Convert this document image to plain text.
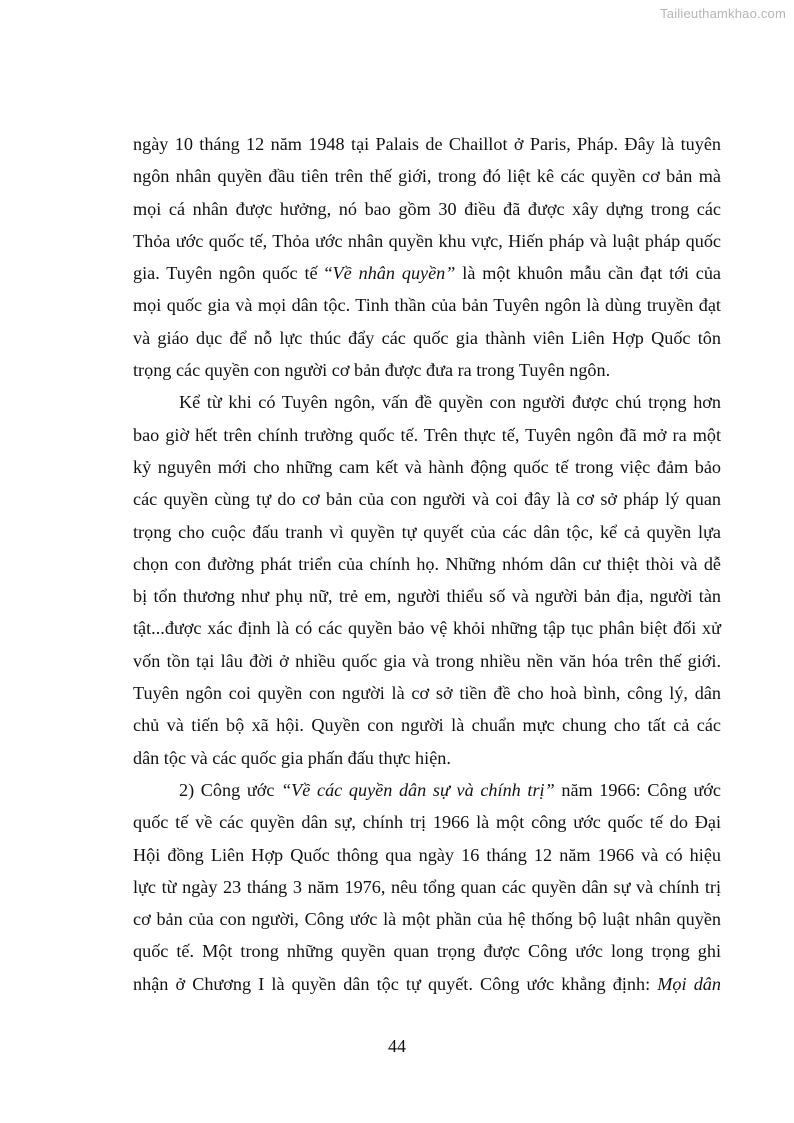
Tailieuthamkhao.com
ngày 10 tháng 12 năm 1948 tại Palais de Chaillot ở Paris, Pháp. Đây là tuyên
ngôn nhân quyền đầu tiên trên thế giới, trong đó liệt kê các quyền cơ bản mà
mọi cá nhân được hưởng, nó bao gồm 30 điều đã được xây dựng trong các
Thỏa ước quốc tế, Thỏa ước nhân quyền khu vực, Hiến pháp và luật pháp quốc
gia. Tuyên ngôn quốc tế “Về nhân quyền” là một khuôn mẫu cần đạt tới của
mọi quốc gia và mọi dân tộc. Tinh thần của bản Tuyên ngôn là dùng truyền đạt
và giáo dục để nỗ lực thúc đẩy các quốc gia thành viên Liên Hợp Quốc tôn
trọng các quyền con người cơ bản được đưa ra trong Tuyên ngôn.
Kể từ khi có Tuyên ngôn, vấn đề quyền con người được chú trọng hơn
bao giờ hết trên chính trường quốc tế. Trên thực tế, Tuyên ngôn đã mở ra một
kỷ nguyên mới cho những cam kết và hành động quốc tế trong việc đảm bảo
các quyền cùng tự do cơ bản của con người và coi đây là cơ sở pháp lý quan
trọng cho cuộc đấu tranh vì quyền tự quyết của các dân tộc, kể cả quyền lựa
chọn con đường phát triển của chính họ. Những nhóm dân cư thiệt thòi và dễ
bị tổn thương như phụ nữ, trẻ em, người thiểu số và người bản địa, người tàn
tật...được xác định là có các quyền bảo vệ khỏi những tập tục phân biệt đối xử
vốn tồn tại lâu đời ở nhiều quốc gia và trong nhiều nền văn hóa trên thế giới.
Tuyên ngôn coi quyền con người là cơ sở tiền đề cho hoà bình, công lý, dân
chủ và tiến bộ xã hội. Quyền con người là chuẩn mực chung cho tất cả các
dân tộc và các quốc gia phấn đấu thực hiện.
2) Công ước “Về các quyền dân sự và chính trị” năm 1966: Công ước
quốc tế về các quyền dân sự, chính trị 1966 là một công ước quốc tế do Đại
Hội đồng Liên Hợp Quốc thông qua ngày 16 tháng 12 năm 1966 và có hiệu
lực từ ngày 23 tháng 3 năm 1976, nêu tổng quan các quyền dân sự và chính trị
cơ bản của con người, Công ước là một phần của hệ thống bộ luật nhân quyền
quốc tế. Một trong những quyền quan trọng được Công ước long trọng ghi
nhận ở Chương I là quyền dân tộc tự quyết. Công ước khẳng định: Mọi dân
44
